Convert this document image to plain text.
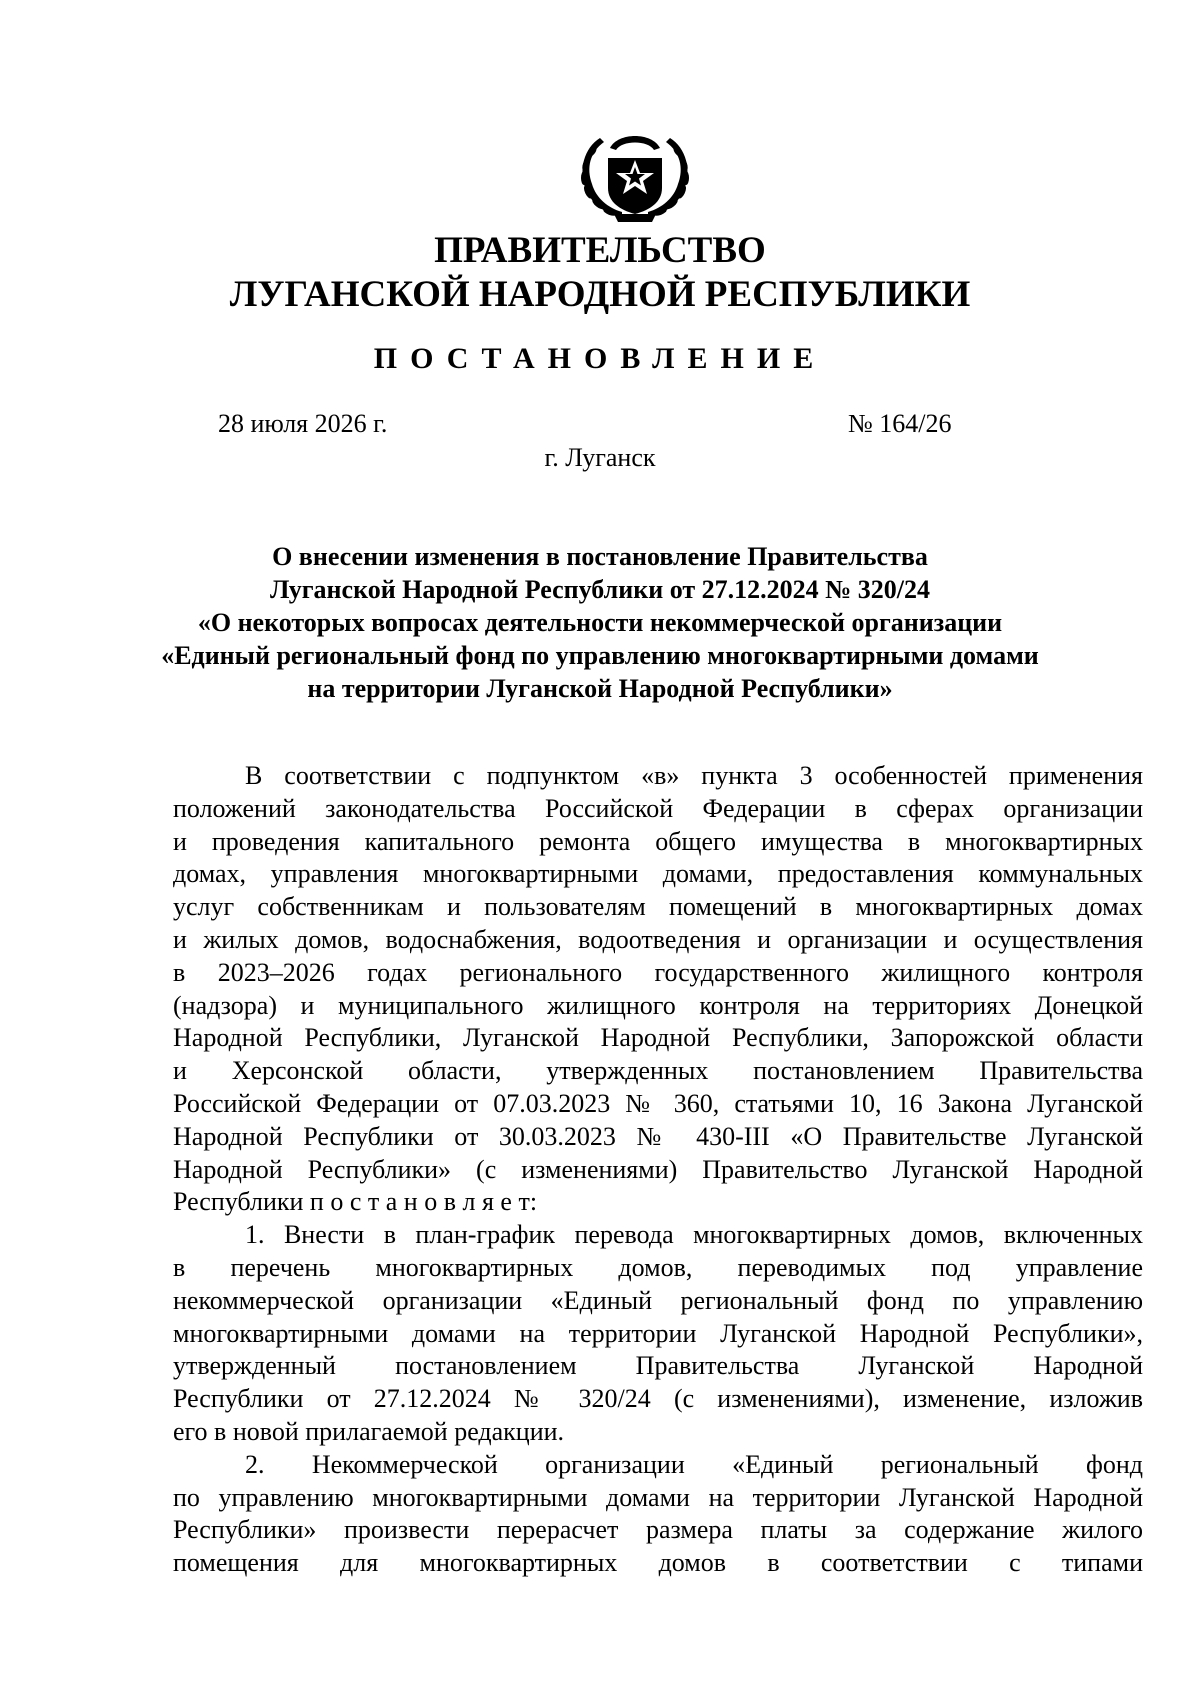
ПРАВИТЕЛЬСТВО
ЛУГАНСКОЙ НАРОДНОЙ РЕСПУБЛИКИ
ПОСТАНОВЛЕНИЕ
28 июля 2026 г.	№ 164/26
г. Луганск
О внесении изменения в постановление Правительства
Луганской Народной Республики от 27.12.2024 № 320/24
«О некоторых вопросах деятельности некоммерческой организации
«Единый региональный фонд по управлению многоквартирными домами
на территории Луганской Народной Республики»
В соответствии с подпунктом «в» пункта 3 особенностей применения
положений законодательства Российской Федерации в сферах организации
и проведения капитального ремонта общего имущества в многоквартирных
домах, управления многоквартирными домами, предоставления коммунальных
услуг собственникам и пользователям помещений в многоквартирных домах
и жилых домов, водоснабжения, водоотведения и организации и осуществления
в 2023–2026 годах регионального государственного жилищного контроля
(надзора) и муниципального жилищного контроля на территориях Донецкой
Народной Республики, Луганской Народной Республики, Запорожской области
и Херсонской области, утвержденных постановлением Правительства
Российской Федерации от 07.03.2023 № 360, статьями 10, 16 Закона Луганской
Народной Республики от 30.03.2023 № 430-III «О Правительстве Луганской
Народной Республики» (с изменениями) Правительство Луганской Народной
Республики п о с т а н о в л я е т:
1. Внести в план-график перевода многоквартирных домов, включенных
в перечень многоквартирных домов, переводимых под управление
некоммерческой организации «Единый региональный фонд по управлению
многоквартирными домами на территории Луганской Народной Республики»,
утвержденный постановлением Правительства Луганской Народной
Республики от 27.12.2024 № 320/24 (с изменениями), изменение, изложив
его в новой прилагаемой редакции.
2. Некоммерческой организации «Единый региональный фонд
по управлению многоквартирными домами на территории Луганской Народной
Республики» произвести перерасчет размера платы за содержание жилого
помещения для многоквартирных домов в соответствии с типами
